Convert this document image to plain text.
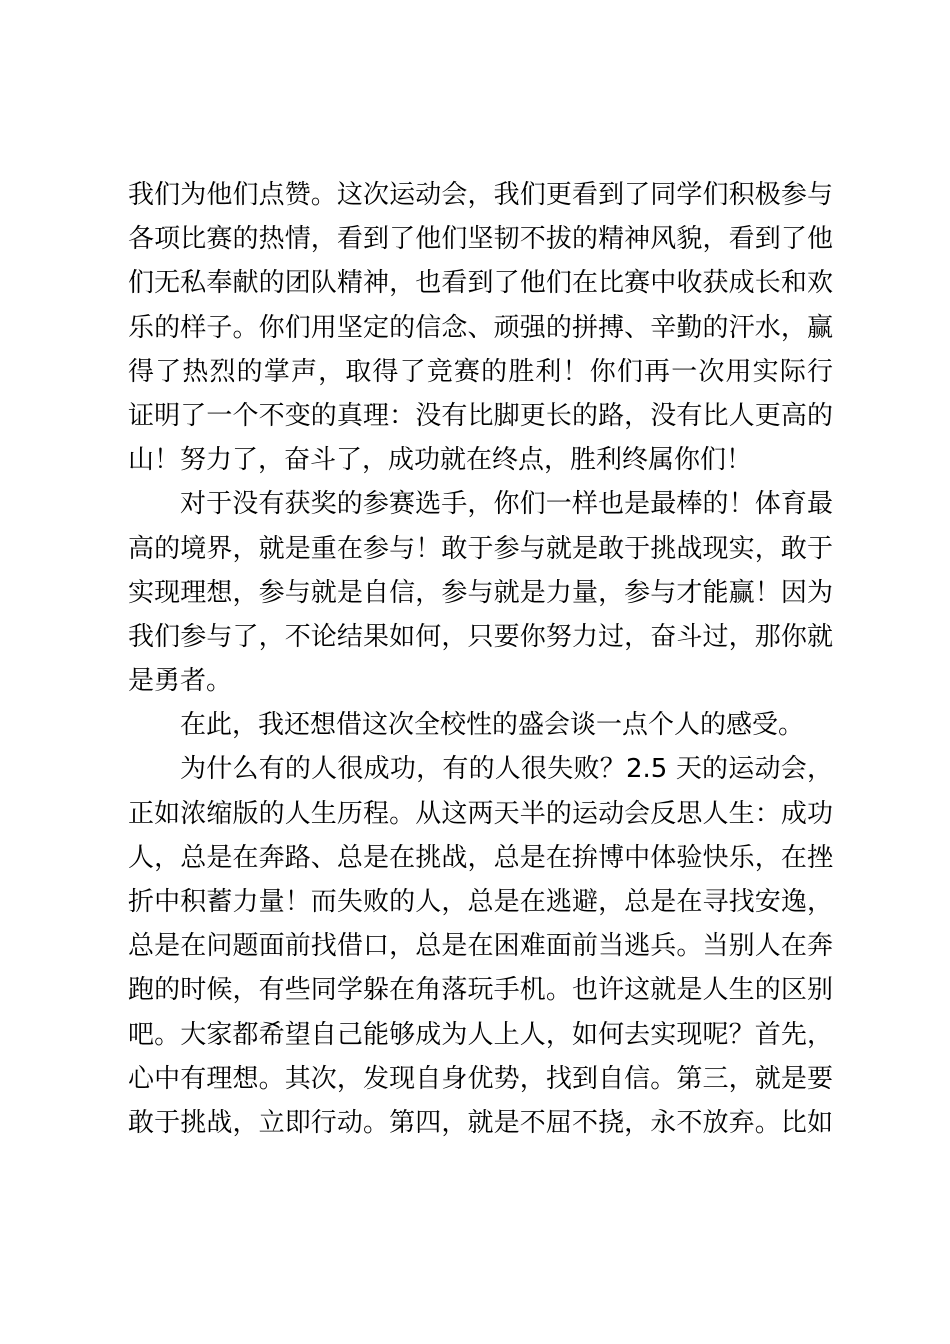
我们为他们点赞。这次运动会，我们更看到了同学们积极参与
各项比赛的热情，看到了他们坚韧不拔的精神风貌，看到了他
们无私奉献的团队精神，也看到了他们在比赛中收获成长和欢
乐的样子。你们用坚定的信念、顽强的拼搏、辛勤的汗水，赢
得了热烈的掌声，取得了竞赛的胜利！你们再一次用实际行
证明了一个不变的真理：没有比脚更长的路，没有比人更高的
山！努力了，奋斗了，成功就在终点，胜利终属你们！
对于没有获奖的参赛选手，你们一样也是最棒的！体育最
高的境界，就是重在参与！敢于参与就是敢于挑战现实，敢于
实现理想，参与就是自信，参与就是力量，参与才能赢！因为
我们参与了，不论结果如何，只要你努力过，奋斗过，那你就
是勇者。
在此，我还想借这次全校性的盛会谈一点个人的感受。
为什么有的人很成功，有的人很失败？2.5 天的运动会，
正如浓缩版的人生历程。从这两天半的运动会反思人生：成功
人，总是在奔路、总是在挑战，总是在拚博中体验快乐，在挫
折中积蓄力量！而失败的人，总是在逃避，总是在寻找安逸，
总是在问题面前找借口，总是在困难面前当逃兵。当别人在奔
跑的时候，有些同学躲在角落玩手机。也许这就是人生的区别
吧。大家都希望自己能够成为人上人，如何去实现呢？首先，
心中有理想。其次，发现自身优势，找到自信。第三，就是要
敢于挑战，立即行动。第四，就是不屈不挠，永不放弃。比如
